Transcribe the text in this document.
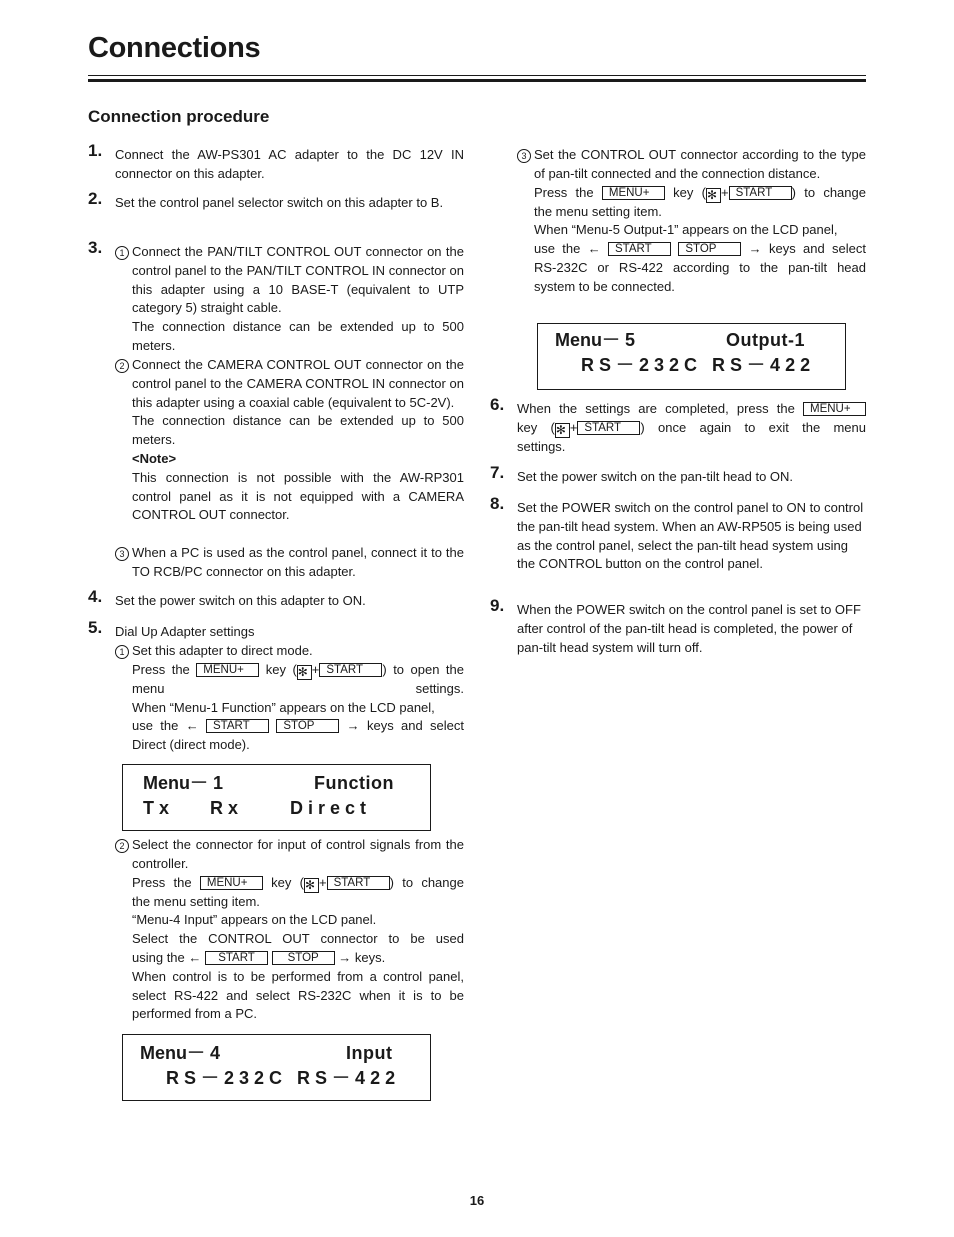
Connections
Connection procedure
1. Connect the AW-PS301 AC adapter to the DC 12V IN connector on this adapter.
2. Set the control panel selector switch on this adapter to B.
3.	1 Connect the PAN/TILT CONTROL OUT connector on the control panel to the PAN/TILT CONTROL IN connector on this adapter using a 10 BASE-T (equivalent to UTP category 5) straight cable.
The connection distance can be extended up to 500 meters.
2 Connect the CAMERA CONTROL OUT connector on the control panel to the CAMERA CONTROL IN connector on this adapter using a coaxial cable (equivalent to 5C-2V).
The connection distance can be extended up to 500 meters.
<Note>
This connection is not possible with the AW-RP301 control panel as it is not equipped with a CAMERA CONTROL OUT connector.
3 When a PC is used as the control panel, connect it to the TO RCB/PC connector on this adapter.
4. Set the power switch on this adapter to ON.
5. Dial Up Adapter settings
1 Set this adapter to direct mode.
Press the MENU+ key (✻ + START ) to open the menu settings.
When “Menu-1 Function” appears on the LCD panel,
use the ← START	STOP → keys and select
Direct (direct mode).
Menu－ 1	Function
T x R x	D i r e c t
2 Select the connector for input of control signals from the controller.
Press the MENU+ key (✻ + START ) to change
the menu setting item.
“Menu-4 Input” appears on the LCD panel.
Select the CONTROL OUT connector to be used
using the ← START	STOP → keys.
When control is to be performed from a control panel, select RS-422 and select RS-232C when it is to be performed from a PC.
Menu－ 4	Input
R S － 2 3 2 C   R S － 4 2 2
3 Set the CONTROL OUT connector according to the type of pan-tilt connected and the connection distance.
Press the MENU+ key (✻ + START ) to change
the menu setting item.
When “Menu-5 Output-1” appears on the LCD panel,
use the ← START	STOP → keys and select
RS-232C or RS-422 according to the pan-tilt head system to be connected.
Menu－ 5	Output-1
R S － 2 3 2 C   R S － 4 2 2
6. When the settings are completed, press the MENU+
key (✻ + START ) once again to exit the menu
settings.
7. Set the power switch on the pan-tilt head to ON.
8. Set the POWER switch on the control panel to ON to control the pan-tilt head system. When an AW-RP505 is being used as the control panel, select the pan-tilt head system using the CONTROL button on the control panel.
9. When the POWER switch on the control panel is set to OFF after control of the pan-tilt head is completed, the power of pan-tilt head system will turn off.
16
